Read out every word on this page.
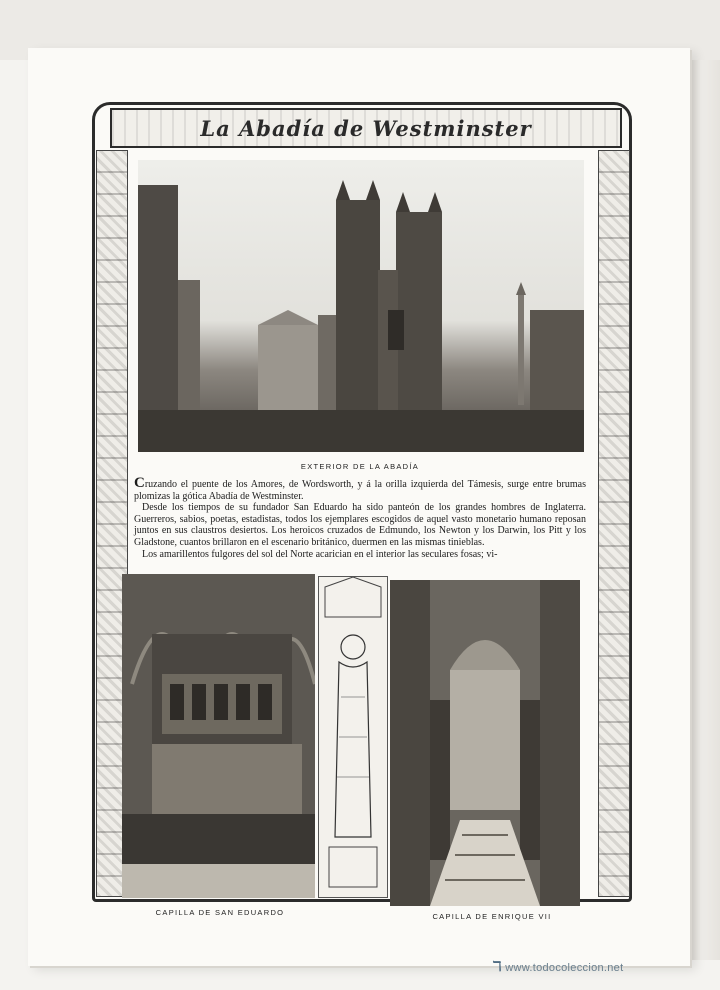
La Abadía de Westminster
EXTERIOR DE LA ABADÍA

Cruzando el puente de los Amores, de Wordsworth, y á la orilla izquierda del Támesis, surge entre brumas plomizas la gótica Abadía de Westminster.

Desde los tiempos de su fundador San Eduardo ha sido panteón de los grandes hombres de Inglaterra. Guerreros, sabios, poetas, estadistas, todos los ejemplares escogidos de aquel vasto monetario humano reposan juntos en sus claustros desiertos. Los heroicos cruzados de Edmundo, los Newton y los Darwin, los Pitt y los Gladstone, cuantos brillaron en el escenario británico, duermen en las mismas tinieblas.

Los amarillentos fulgores del sol del Norte acarician en el interior las seculares fosas; vi-

CAPILLA DE SAN EDUARDO	CAPILLA DE ENRIQUE VII
ℸ www.todocoleccion.net
